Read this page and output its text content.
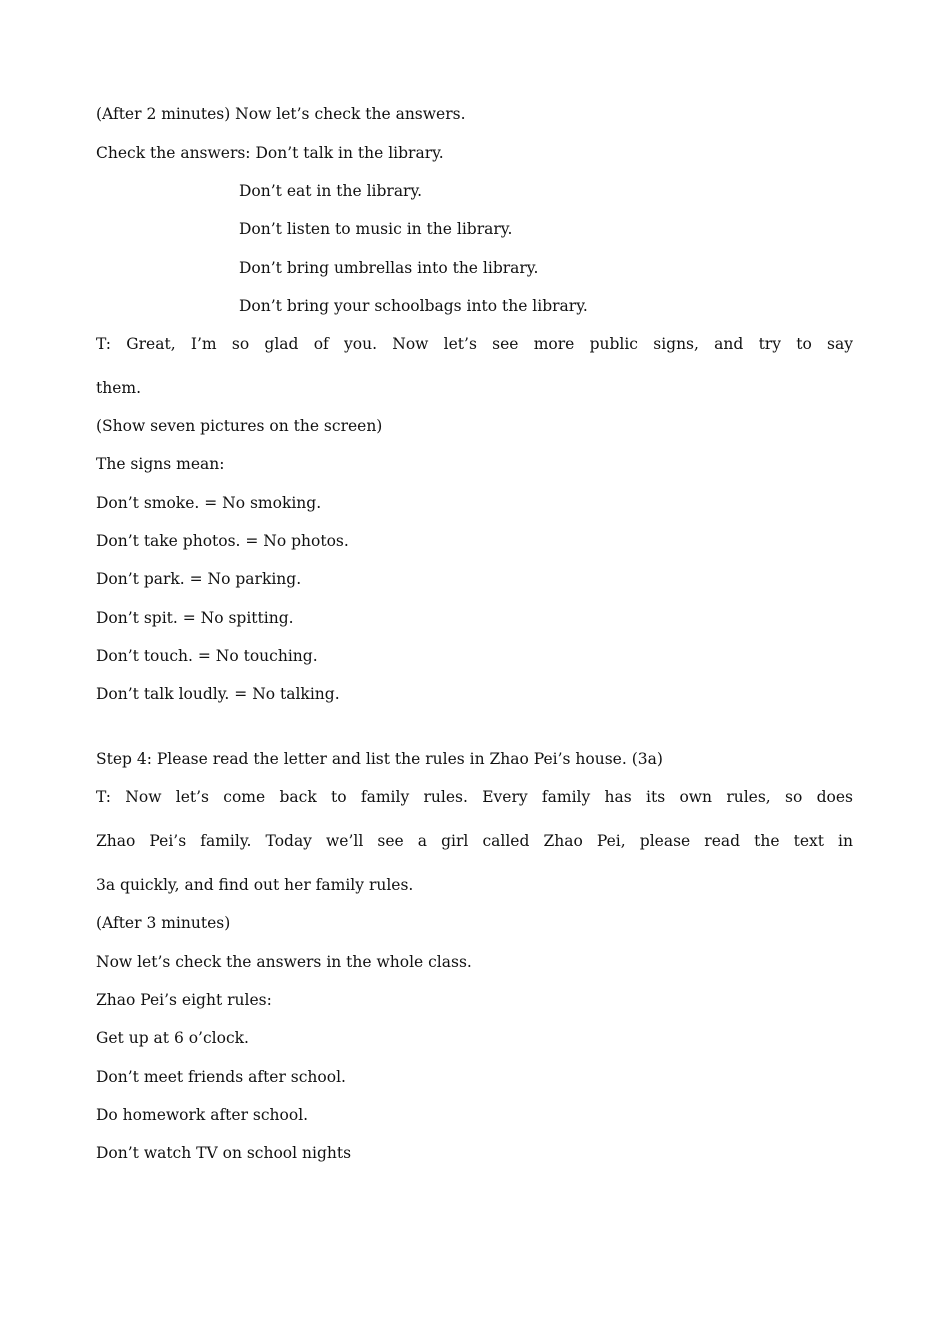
(After 2 minutes) Now let’s check the answers.
Check the answers: Don’t talk in the library.
Don’t eat in the library.
Don’t listen to music in the library.
Don’t bring umbrellas into the library.
Don’t bring your schoolbags into the library.
T: Great, I’m so glad of you. Now let’s see more public signs, and try to say
them.
(Show seven pictures on the screen)
The signs mean:
Don’t smoke. = No smoking.
Don’t take photos. = No photos.
Don’t park. = No parking.
Don’t spit. = No spitting.
Don’t touch. = No touching.
Don’t talk loudly. = No talking.
Step 4: Please read the letter and list the rules in Zhao Pei’s house. (3a)
T: Now let’s come back to family rules. Every family has its own rules, so does
Zhao Pei’s family. Today we’ll see a girl called Zhao Pei, please read the text in
3a quickly, and find out her family rules.
(After 3 minutes)
Now let’s check the answers in the whole class.
Zhao Pei’s eight rules:
Get up at 6 o’clock.
Don’t meet friends after school.
Do homework after school.
Don’t watch TV on school nights
